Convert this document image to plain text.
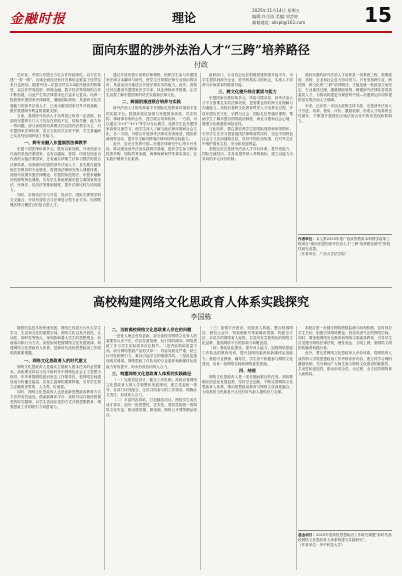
金融时报	理论
2025年11月14日 星期五
编辑:许岳添 美编:刘芸婷
邮箱地址: allspt@163.com	15
面向东盟的涉外法治人才“三跨”培养路径
付政

近年来，中国与东盟全方位合作持续深化，双方在共建“一带一路”、区域全面经济伙伴关系协定框架下经贸往来日益密切。随着中国—东盟自贸区3.0版升级谈判的推进，双边在贸易投资、跨境金融、数字经济等领域的合作不断拓展，由此产生的法律需求也日益多元复杂。培养一批熟悉东盟国家法律制度、通晓国际规则、具备跨文化沟通能力的涉外法治人才，已成为服务国家对外开放战略、维护我国海外利益的重要支撑。

当前，我国涉外法治人才培养虽已取得一定进展，但面向东盟的专门人才仍存在供给不足、结构失衡、能力单一等问题。部分高校的培养模式仍以国内法教学为主，对东盟国家法律体系、语言文化的关注度不够，学生普遍缺乏实务经验和跨境工作能力。

一、跨专业融入东盟国别法律教学

东盟十国法律体系多元，既有以新加坡、马来西亚为代表的英美法系国家，也有以越南、泰国、印度尼西亚为代表的大陆法系国家，还有融合伊斯兰法和习惯法的混合法律体系。培养面向东盟的涉外法治人才，首先要打破传统法学教育的专业壁垒，将国别法律研究纳入课程体系。高校可设置东盟法律概论、东盟国家投资法、东盟争端解决机制等特色课程，引导学生系统掌握东盟主要国家的宪法、民商法、经济法等基础制度，提升法律比较与适用能力。

同时，应推动法学与外语、经济学、国际关系等学科交叉融合，开设东盟语言与法律复合型专业方向，培养既懂法律又懂语言的复合型人才。

通过开设东盟小语种法律课程、组织学生参与东盟国家法律文本翻译与研究，使学生在掌握法律专业知识的同时，具备运用当地语言开展法律实务的能力。此外，高校还可以邀请东盟国家法学专家、执业律师来华授课，让学生直观了解东盟国家的司法实践和法律文化。

二、跨国别推进联合培养与实践

涉外法治人才的培养离不开国际化的教育环境和丰富的实践平台。我国高校应加强与东盟国家高校、司法机构、律师事务所的合作，建立联合培养机制。一方面，可以通过“2+2”“3+1”等学分互认模式，选派学生赴东盟国家高校交流学习，使学生深入了解当地法律环境和社会文化；另一方面，可联合开展涉外法律实务训练营、模拟仲裁庭等活动，提升学生解决跨境法律纠纷的实际能力。

此外，应充分发挥中国—东盟法律研究中心等平台作用，推动建设涉外法治实践教学基地，组织学生参与跨境投资并购、国际贸易争端、海事海商案件等真实项目，在实践中锤炼专业素养。

政府部门、行业协会也应积极搭建供需对接平台，为学生提供到涉外企业、驻外机构实习的机会，实现人才培养与市场需求的精准对接。

三、跨文化提升综合素质与能力

东盟国家宗教信仰多元、风俗习惯各异，涉外法治人才不仅需要扎实的法律功底，更需要良好的跨文化理解与沟通能力。高校应将跨文化教育贯穿人才培养全过程，开设东盟历史文化、宗教与社会、国际礼仪等通识课程，帮助学生了解东盟各国的政治制度、商业习惯和社会心理，增强文化敏感性和包容性。

与此同时，要注重培养学生的国际视野和家国情怀。引导学生在学习借鉴他国法律制度的同时，坚定中国特色社会主义法治道路自信，讲好中国法治故事，在对外交往中维护国家主权、安全和发展利益。

高校还应完善涉外法治人才评价体系，将外语能力、国际交流经历、实务成果等纳入考核指标，建立以能力为导向的多元评价机制。

面向东盟的涉外法治人才培养是一项系统工程，需要政府、高校、企业和社会各方协同发力。只有坚持跨专业、跨国别、跨文化的“三跨”培养路径，才能造就一批政治立场坚定、专业素质过硬、通晓国际规则、精通涉外法律实务的高素质人才，为推动构建更为紧密的中国—东盟命运共同体提供坚实的法治人才保障。

未来，还应进一步加大政策支持力度，完善涉外法治人才引进、培养、使用、评价、激励机制，形成人才培养的良性循环，不断提升我国在区域法治合作中的话语权和影响力。

作者单位：本文系2025年度广西高等教育本科教学改革工程项目“面向东盟的涉外法治人才‘三跨’培养路径研究”阶段性研究成果。
（作者单位：广西大学法学院）
高校构建网络文化思政育人体系实践探究
李国栋

随着信息技术的快速发展，网络已经成为当代大学生学习、生活和交往的重要空间。网络文化以其开放性、互动性、即时性等特点，深刻影响着大学生的思想观念、价值取向和行为方式。高校如何把握网络文化发展规律，构建网络文化思政育人体系，是新时代高校思想政治工作面临的重要课题。

一、网络文化思政育人的时代意义

网络文化思政育人是落实立德树人根本任务的必然要求。高校要坚持以习近平新时代中国特色社会主义思想为指导，牢牢掌握网络意识形态工作领导权，把网络空间建设成为传播正能量、弘扬主旋律的重要阵地，引导学生树立正确的世界观、人生观、价值观。

同时，网络文化思政育人也是创新思想政治教育方式方法的有效途径。借助新媒体平台，高校可以打破传统课堂的时空限制，以学生喜闻乐见的方式开展思想教育，增强思政工作的吸引力和感染力。

二、当前高校网络文化思政育人存在的问题

一是育人理念有待更新。部分高校对网络文化育人的重要性认识不足，仍存在重管理、轻引导的倾向，网络思政工作与学生实际需求存在脱节。二是内容供给质量不高。部分网络思政产品形式单一、内容同质化严重，缺乏针对性和吸引力，难以引起学生的情感共鸣。三是队伍建设相对薄弱。网络思政工作队伍的专业素养和新媒体运营能力有待提升，尚未形成协同育人合力。

三、构建网络文化思政育人体系的实践路径

（一）完善顶层设计，健全工作机制。高校应将网络文化思政育人纳入学校整体发展规划，建立党委统一领导、各部门协同配合、全员共同参与的工作格局，明确各方责任，形成育人合力。

（二）丰富内容供给，打造精品项目。围绕学生成长成才需求，创作一批思想性、艺术性、观赏性相统一的网络文化作品，推出微党课、微视频、网络公开课等精品项目。

（三）加强平台建设，拓展育人阵地。整合校园网站、微信公众号、短视频账号等新媒体资源，构建全方位、多层次的网络育人矩阵，打造具有学校特色的网络文化品牌，提高网络平台的影响力和覆盖面。

（四）强化队伍建设，提升育人能力。加强网络思政工作队伍的教育培训，提升其网络素养和新媒体运用能力；鼓励专业教师、辅导员、学生骨干积极参与网络文化建设，培育一批网络名师和网络意见领袖。

四、结语

网络文化思政育人是一项长期而艰巨的任务。高校要顺应信息化发展趋势，坚持守正创新，不断完善网络文化思政育人体系，推动思想政治教育与网络文化深度融合，为培养担当民族复兴大任的时代新人提供有力支撑。

高校应进一步健全网络舆情监测与研判机制，及时回应学生关切，积极引导网络舆论，营造风清气正的网络空间。同时，要加强网络安全教育和网络文明素养教育，引导学生自觉遵守网络法律法规，理性表达、文明上网，做网络文明的传播者和践行者。

此外，要完善网络文化思政育人评价体系，将网络育人成效纳入学校思想政治工作考核评价内容，建立科学合理的激励机制，充分调动广大师生参与网络文化建设的积极性、主动性和创造性，推动形成全员、全过程、全方位的网络育人新格局。

基金项目：2025年度高校思想政治工作研究课题“新时代高校网络文化思政育人体系构建与实践研究”。
（作者单位：华中科技大学）
